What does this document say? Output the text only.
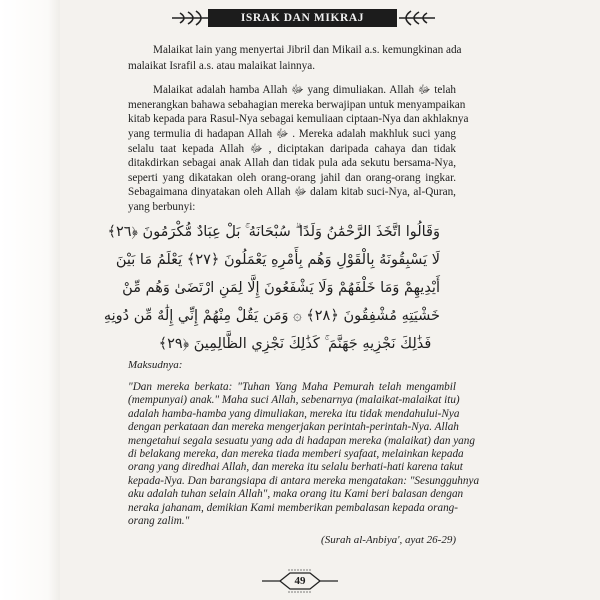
ISRAK DAN MIKRAJ
Malaikat lain yang menyertai Jibril dan Mikail a.s. kemungkinan ada
malaikat Israfil a.s. atau malaikat lainnya.
Malaikat adalah hamba Allah ﷻ yang dimuliakan. Allah ﷻ telah
menerangkan bahawa sebahagian mereka berwajipan untuk menyampaikan
kitab kepada para Rasul-Nya sebagai kemuliaan ciptaan-Nya dan akhlaknya
yang termulia di hadapan Allah ﷻ . Mereka adalah makhluk suci yang
selalu taat kepada Allah ﷻ , diciptakan daripada cahaya dan tidak
ditakdirkan sebagai anak Allah dan tidak pula ada sekutu bersama-Nya,
seperti yang dikatakan oleh orang-orang jahil dan orang-orang ingkar.
Sebagaimana dinyatakan oleh Allah ﷻ dalam kitab suci-Nya, al-Quran,
yang berbunyi:
وَقَالُوا اتَّخَذَ الرَّحْمَٰنُ وَلَدًا ۗ سُبْحَانَهُ ۚ بَلْ عِبَادٌ مُّكْرَمُونَ ﴿٢٦﴾
لَا يَسْبِقُونَهُ بِالْقَوْلِ وَهُم بِأَمْرِهِ يَعْمَلُونَ ﴿٢٧﴾ يَعْلَمُ مَا بَيْنَ
أَيْدِيهِمْ وَمَا خَلْفَهُمْ وَلَا يَشْفَعُونَ إِلَّا لِمَنِ ارْتَضَىٰ وَهُم مِّنْ
خَشْيَتِهِ مُشْفِقُونَ ﴿٢٨﴾ ۞ وَمَن يَقُلْ مِنْهُمْ إِنِّي إِلَٰهٌ مِّن دُونِهِ
فَذَٰلِكَ نَجْزِيهِ جَهَنَّمَ ۚ كَذَٰلِكَ نَجْزِي الظَّالِمِينَ ﴿٢٩﴾
Maksudnya:
"Dan mereka berkata: "Tuhan Yang Maha Pemurah telah mengambil
(mempunyai) anak." Maha suci Allah, sebenarnya (malaikat-malaikat itu)
adalah hamba-hamba yang dimuliakan, mereka itu tidak mendahului-Nya
dengan perkataan dan mereka mengerjakan perintah-perintah-Nya. Allah
mengetahui segala sesuatu yang ada di hadapan mereka (malaikat) dan yang
di belakang mereka, dan mereka tiada memberi syafaat, melainkan kepada
orang yang diredhai Allah, dan mereka itu selalu berhati-hati karena takut
kepada-Nya. Dan barangsiapa di antara mereka mengatakan: "Sesungguhnya
aku adalah tuhan selain Allah", maka orang itu Kami beri balasan dengan
neraka jahanam, demikian Kami memberikan pembalasan kepada orang-
orang zalim."
(Surah al-Anbiya', ayat 26-29)
49
